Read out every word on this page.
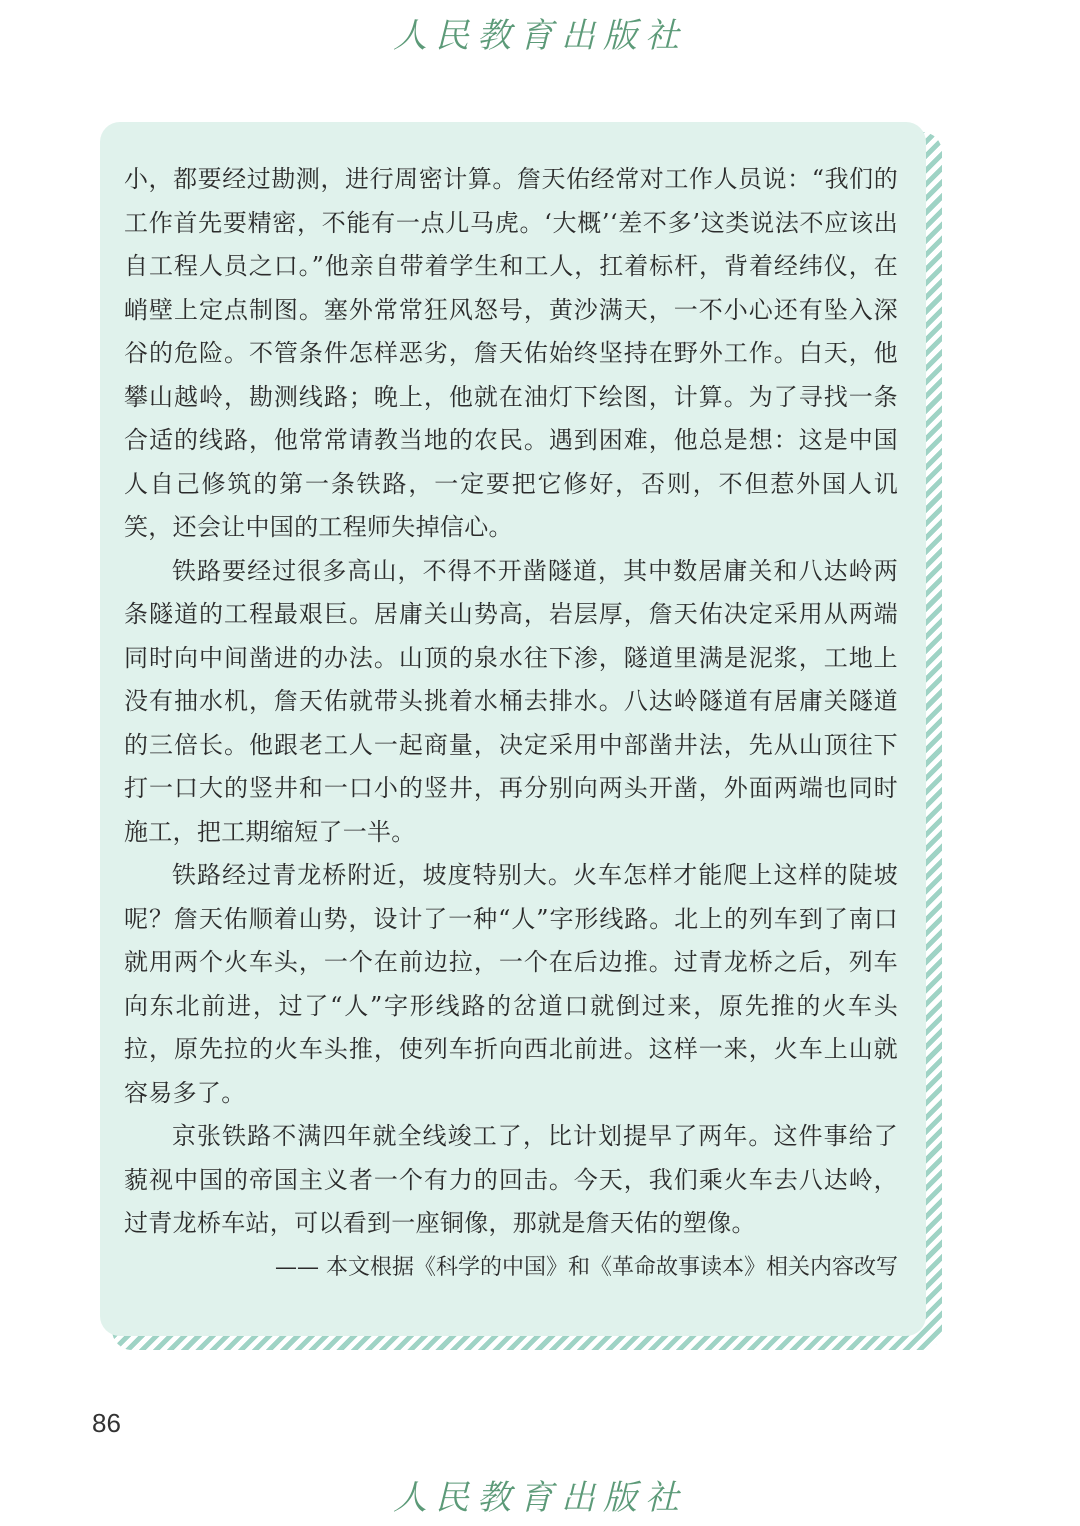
人民教育出版社

小，都要经过勘测，进行周密计算。詹天佑经常对工作人员说：“我们的工作首先要精密，不能有一点儿马虎。‘大概’‘差不多’这类说法不应该出自工程人员之口。”他亲自带着学生和工人，扛着标杆，背着经纬仪，在峭壁上定点制图。塞外常常狂风怒号，黄沙满天，一不小心还有坠入深谷的危险。不管条件怎样恶劣，詹天佑始终坚持在野外工作。白天，他攀山越岭，勘测线路；晚上，他就在油灯下绘图，计算。为了寻找一条合适的线路，他常常请教当地的农民。遇到困难，他总是想：这是中国人自己修筑的第一条铁路，一定要把它修好，否则，不但惹外国人讥笑，还会让中国的工程师失掉信心。

铁路要经过很多高山，不得不开凿隧道，其中数居庸关和八达岭两条隧道的工程最艰巨。居庸关山势高，岩层厚，詹天佑决定采用从两端同时向中间凿进的办法。山顶的泉水往下渗，隧道里满是泥浆，工地上没有抽水机，詹天佑就带头挑着水桶去排水。八达岭隧道有居庸关隧道的三倍长。他跟老工人一起商量，决定采用中部凿井法，先从山顶往下打一口大的竖井和一口小的竖井，再分别向两头开凿，外面两端也同时施工，把工期缩短了一半。

铁路经过青龙桥附近，坡度特别大。火车怎样才能爬上这样的陡坡呢？詹天佑顺着山势，设计了一种“人”字形线路。北上的列车到了南口就用两个火车头，一个在前边拉，一个在后边推。过青龙桥之后，列车向东北前进，过了“人”字形线路的岔道口就倒过来，原先推的火车头拉，原先拉的火车头推，使列车折向西北前进。这样一来，火车上山就容易多了。

京张铁路不满四年就全线竣工了，比计划提早了两年。这件事给了藐视中国的帝国主义者一个有力的回击。今天，我们乘火车去八达岭，过青龙桥车站，可以看到一座铜像，那就是詹天佑的塑像。

—— 本文根据《科学的中国》和《革命故事读本》相关内容改写

86
人民教育出版社
